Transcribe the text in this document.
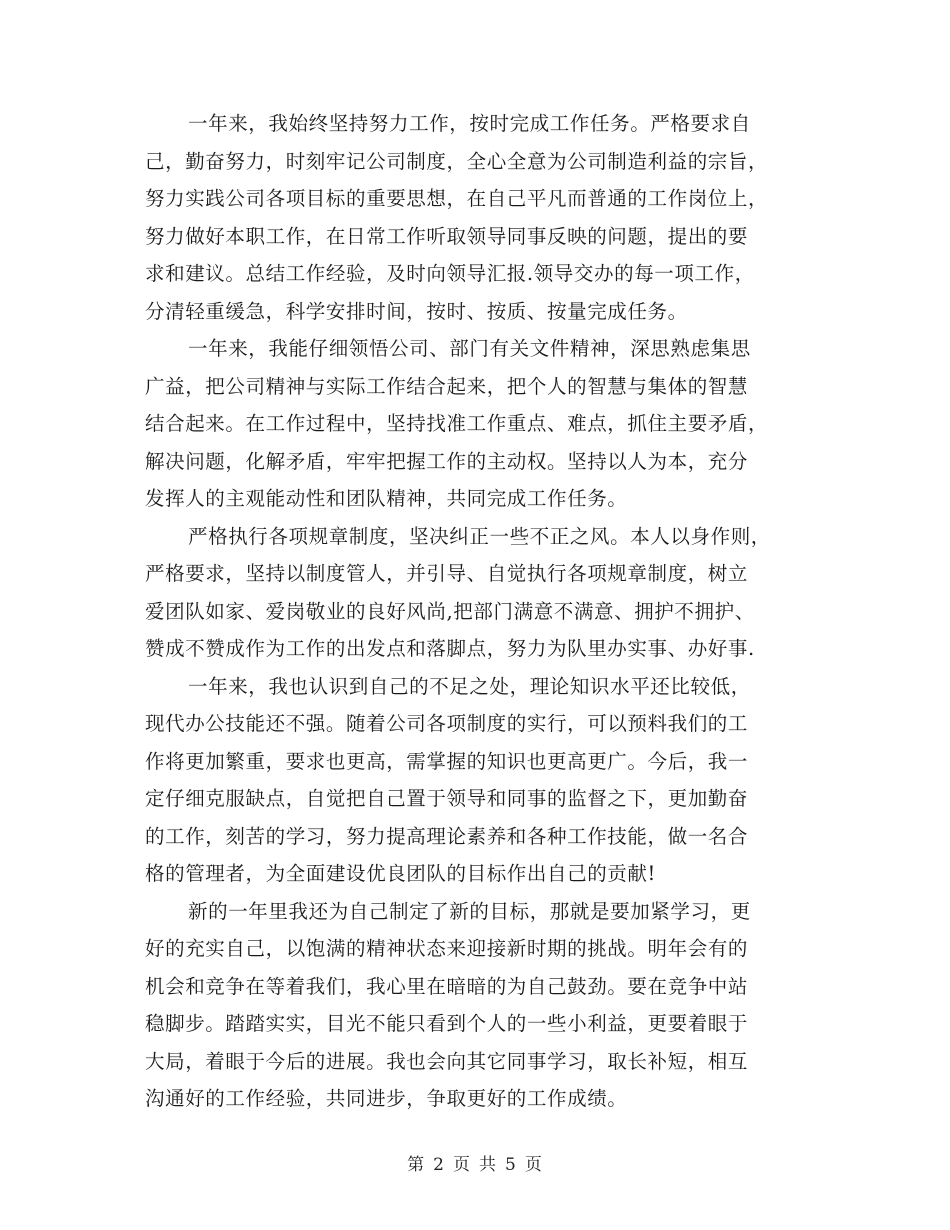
一年来，我始终坚持努力工作，按时完成工作任务。严格要求自
己，勤奋努力，时刻牢记公司制度，全心全意为公司制造利益的宗旨，
努力实践公司各项目标的重要思想，在自己平凡而普通的工作岗位上，
努力做好本职工作，在日常工作听取领导同事反映的问题，提出的要
求和建议。总结工作经验，及时向领导汇报.领导交办的每一项工作，
分清轻重缓急，科学安排时间，按时、按质、按量完成任务。

一年来，我能仔细领悟公司、部门有关文件精神，深思熟虑集思
广益，把公司精神与实际工作结合起来，把个人的智慧与集体的智慧
结合起来。在工作过程中，坚持找准工作重点、难点，抓住主要矛盾，
解决问题，化解矛盾，牢牢把握工作的主动权。坚持以人为本，充分
发挥人的主观能动性和团队精神，共同完成工作任务。

严格执行各项规章制度，坚决纠正一些不正之风。本人以身作则，
严格要求，坚持以制度管人，并引导、自觉执行各项规章制度，树立
爱团队如家、爱岗敬业的良好风尚,把部门满意不满意、拥护不拥护、
赞成不赞成作为工作的出发点和落脚点，努力为队里办实事、办好事.

一年来，我也认识到自己的不足之处，理论知识水平还比较低，
现代办公技能还不强。随着公司各项制度的实行，可以预料我们的工
作将更加繁重，要求也更高，需掌握的知识也更高更广。今后，我一
定仔细克服缺点，自觉把自己置于领导和同事的监督之下，更加勤奋
的工作，刻苦的学习，努力提高理论素养和各种工作技能，做一名合
格的管理者，为全面建设优良团队的目标作出自己的贡献!

新的一年里我还为自己制定了新的目标，那就是要加紧学习，更
好的充实自己，以饱满的精神状态来迎接新时期的挑战。明年会有的
机会和竞争在等着我们，我心里在暗暗的为自己鼓劲。要在竞争中站
稳脚步。踏踏实实，目光不能只看到个人的一些小利益，更要着眼于
大局，着眼于今后的进展。我也会向其它同事学习，取长补短，相互
沟通好的工作经验，共同进步，争取更好的工作成绩。

第 2 页 共 5 页
